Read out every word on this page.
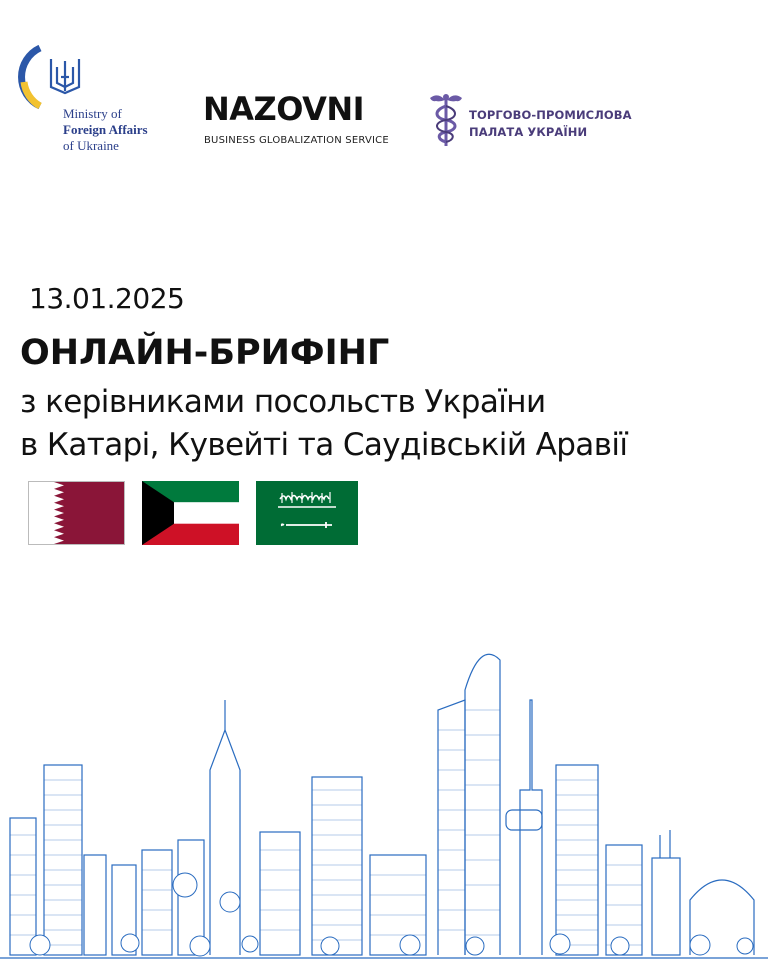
Ministry of
Foreign Affairs
of Ukraine
NAZOVNI
BUSINESS GLOBALIZATION SERVICE
ТОРГОВО-ПРОМИСЛОВА
ПАЛАТА УКРАЇНИ
13.01.2025
ОНЛАЙН-БРИФІНГ
з керівниками посольств України
в Катарі, Кувейті та Саудівській Аравії
